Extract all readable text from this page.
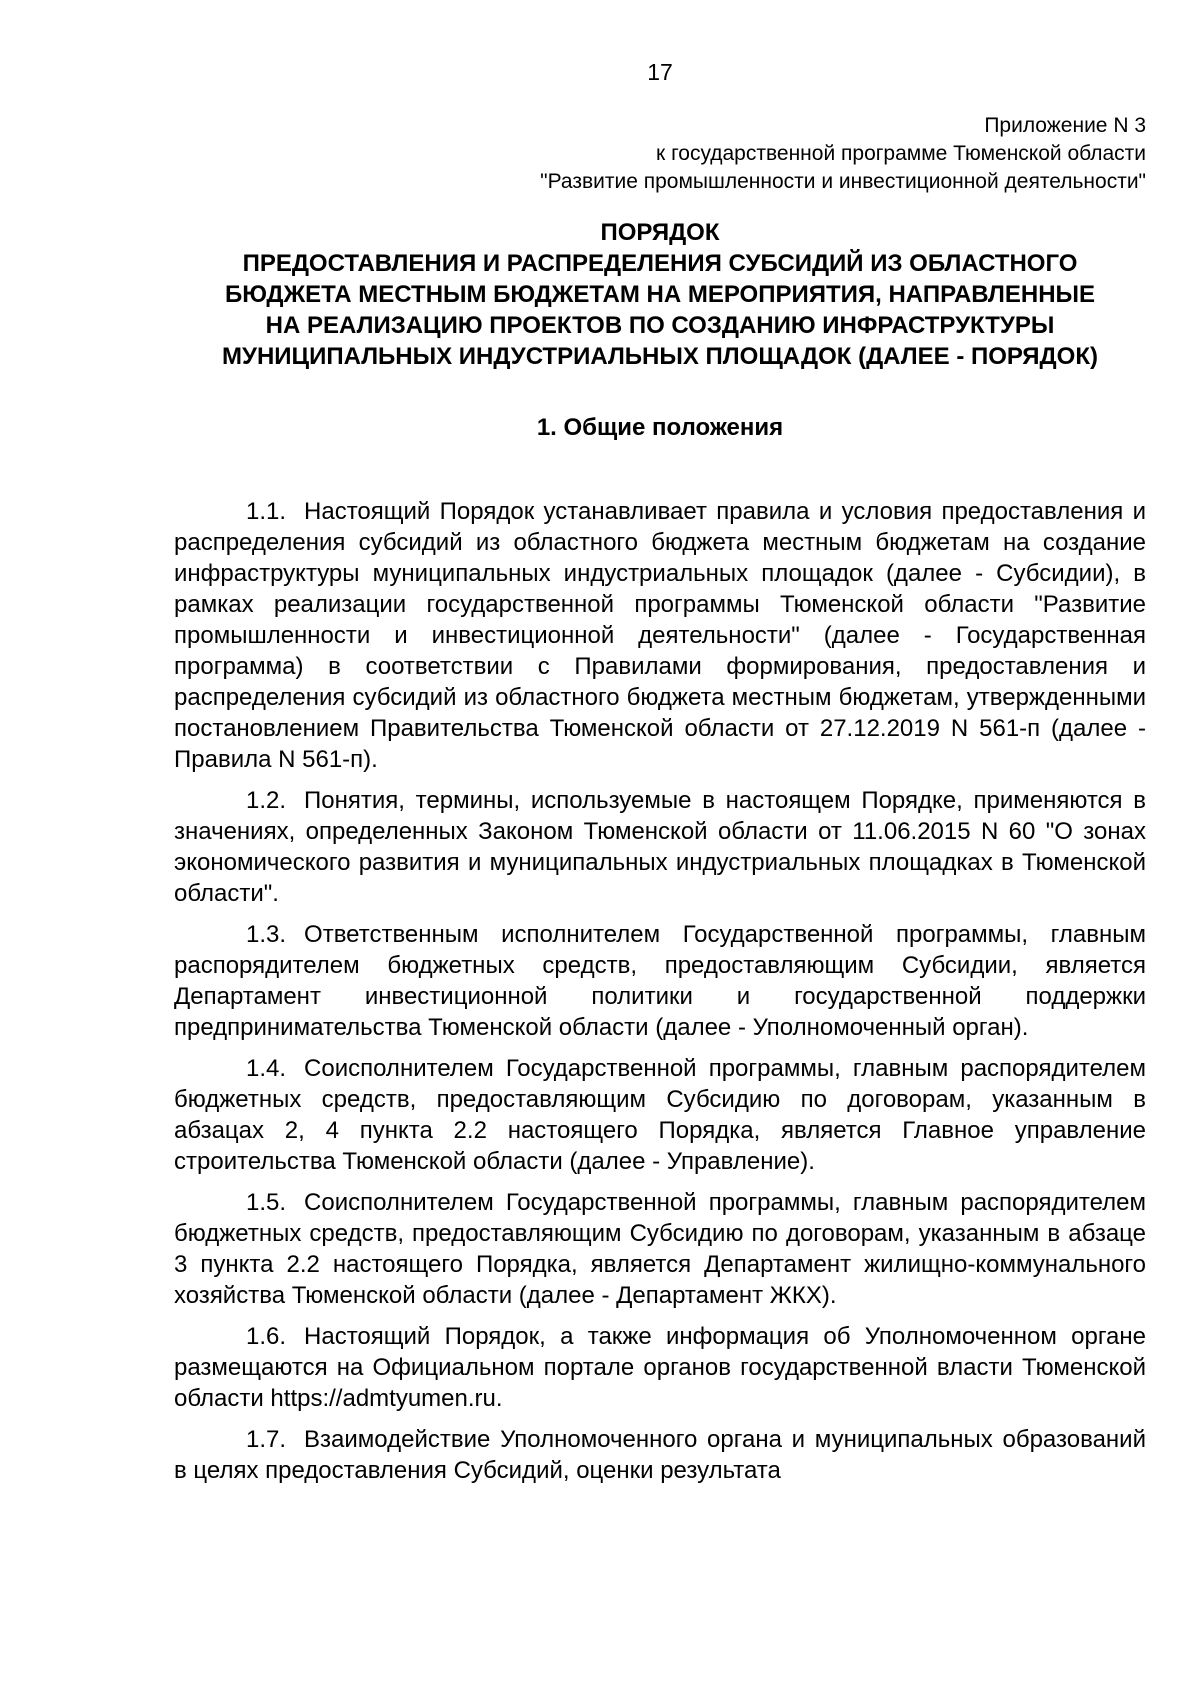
17
Приложение N 3
к государственной программе Тюменской области
"Развитие промышленности и инвестиционной деятельности"
ПОРЯДОК
ПРЕДОСТАВЛЕНИЯ И РАСПРЕДЕЛЕНИЯ СУБСИДИЙ ИЗ ОБЛАСТНОГО
БЮДЖЕТА МЕСТНЫМ БЮДЖЕТАМ НА МЕРОПРИЯТИЯ, НАПРАВЛЕННЫЕ
НА РЕАЛИЗАЦИЮ ПРОЕКТОВ ПО СОЗДАНИЮ ИНФРАСТРУКТУРЫ
МУНИЦИПАЛЬНЫХ ИНДУСТРИАЛЬНЫХ ПЛОЩАДОК (ДАЛЕЕ - ПОРЯДОК)
1. Общие положения

1.1. Настоящий Порядок устанавливает правила и условия предоставления и распределения субсидий из областного бюджета местным бюджетам на создание инфраструктуры муниципальных индустриальных площадок (далее - Субсидии), в рамках реализации государственной программы Тюменской области "Развитие промышленности и инвестиционной деятельности" (далее - Государственная программа) в соответствии с Правилами формирования, предоставления и распределения субсидий из областного бюджета местным бюджетам, утвержденными постановлением Правительства Тюменской области от 27.12.2019 N 561-п (далее - Правила N 561-п).

1.2. Понятия, термины, используемые в настоящем Порядке, применяются в значениях, определенных Законом Тюменской области от 11.06.2015 N 60 "О зонах экономического развития и муниципальных индустриальных площадках в Тюменской области".

1.3. Ответственным исполнителем Государственной программы, главным распорядителем бюджетных средств, предоставляющим Субсидии, является Департамент инвестиционной политики и государственной поддержки предпринимательства Тюменской области (далее - Уполномоченный орган).

1.4. Соисполнителем Государственной программы, главным распорядителем бюджетных средств, предоставляющим Субсидию по договорам, указанным в абзацах 2, 4 пункта 2.2 настоящего Порядка, является Главное управление строительства Тюменской области (далее - Управление).

1.5. Соисполнителем Государственной программы, главным распорядителем бюджетных средств, предоставляющим Субсидию по договорам, указанным в абзаце 3 пункта 2.2 настоящего Порядка, является Департамент жилищно-коммунального хозяйства Тюменской области (далее - Департамент ЖКХ).

1.6. Настоящий Порядок, а также информация об Уполномоченном органе размещаются на Официальном портале органов государственной власти Тюменской области https://admtyumen.ru.

1.7. Взаимодействие Уполномоченного органа и муниципальных образований в целях предоставления Субсидий, оценки результата
